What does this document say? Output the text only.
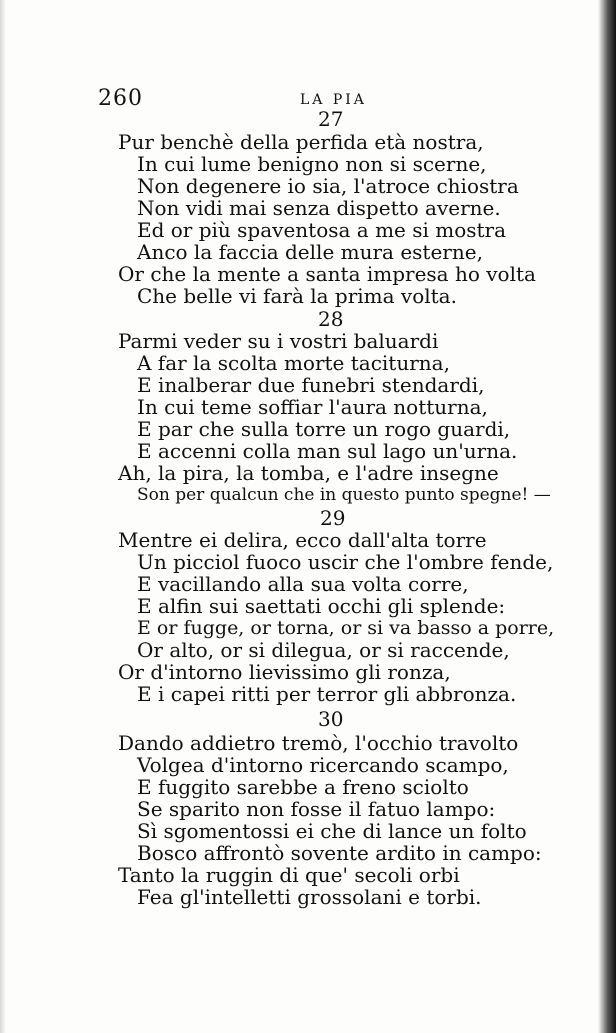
260	LA PIA
27
Pur benchè della perfida età nostra,
In cui lume benigno non si scerne,
Non degenere io sia, l'atroce chiostra
Non vidi mai senza dispetto averne.
Ed or più spaventosa a me si mostra
Anco la faccia delle mura esterne,
Or che la mente a santa impresa ho volta
Che belle vi farà la prima volta.
28
Parmi veder su i vostri baluardi
A far la scolta morte taciturna,
E inalberar due funebri stendardi,
In cui teme soffiar l'aura notturna,
E par che sulla torre un rogo guardi,
E accenni colla man sul lago un'urna.
Ah, la pira, la tomba, e l'adre insegne
Son per qualcun che in questo punto spegne! —
29
Mentre ei delira, ecco dall'alta torre
Un picciol fuoco uscir che l'ombre fende,
E vacillando alla sua volta corre,
E alfin sui saettati occhi gli splende:
E or fugge, or torna, or si va basso a porre,
Or alto, or si dilegua, or si raccende,
Or d'intorno lievissimo gli ronza,
E i capei ritti per terror gli abbronza.
30
Dando addietro tremò, l'occhio travolto
Volgea d'intorno ricercando scampo,
E fuggito sarebbe a freno sciolto
Se sparito non fosse il fatuo lampo:
Sì sgomentossi ei che di lance un folto
Bosco affrontò sovente ardito in campo:
Tanto la ruggin di que' secoli orbi
Fea gl'intelletti grossolani e torbi.
